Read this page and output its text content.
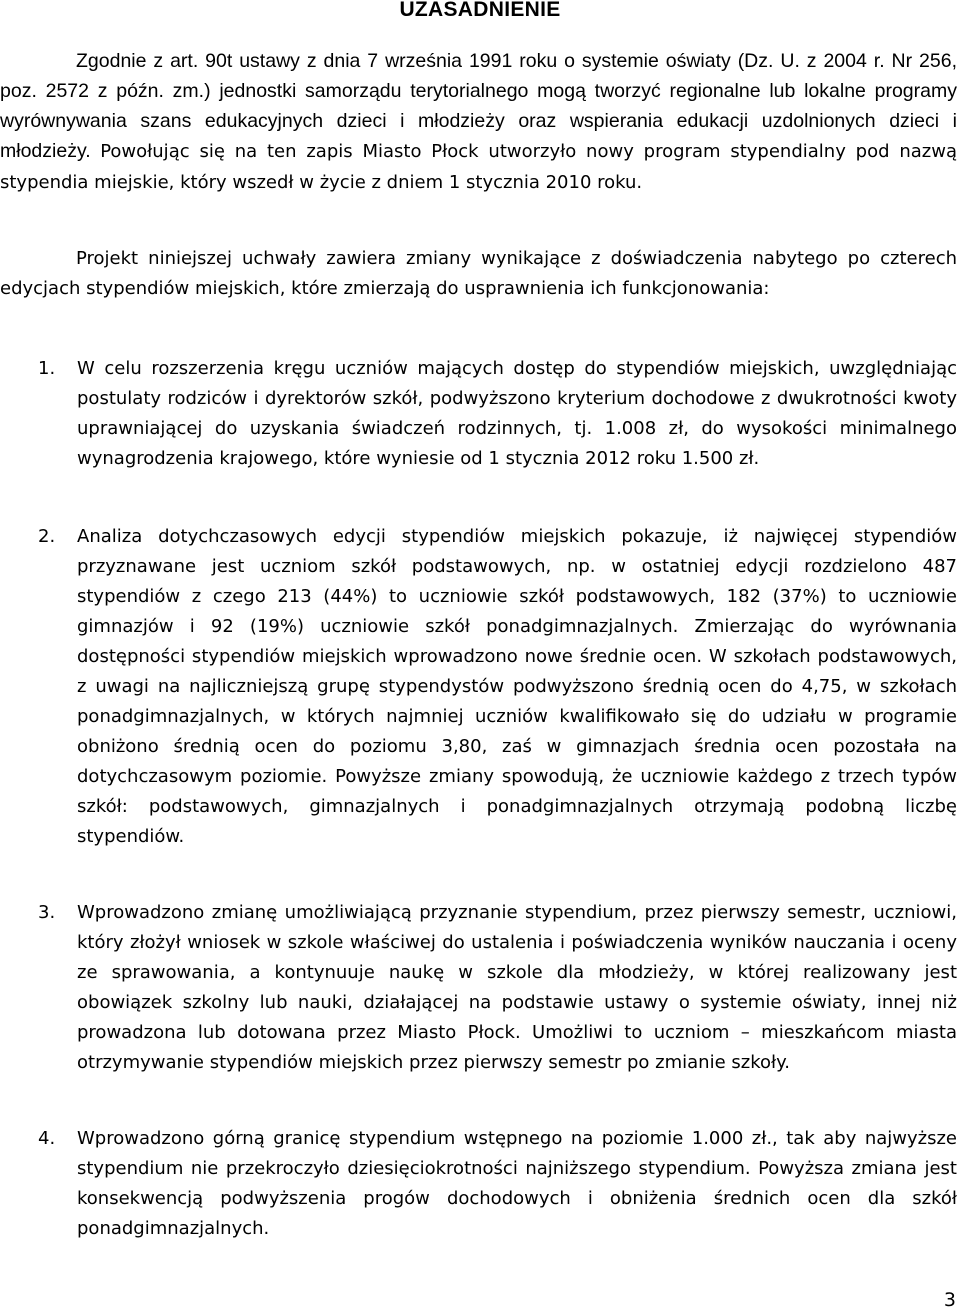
UZASADNIENIE

Zgodnie z art. 90t ustawy z dnia 7 września 1991 roku o systemie oświaty (Dz. U. z 2004 r. Nr 256, poz. 2572 z późn. zm.) jednostki samorządu terytorialnego mogą tworzyć regionalne lub lokalne programy wyrównywania szans edukacyjnych dzieci i młodzieży oraz wspierania edukacji uzdolnionych dzieci i młodzieży. Powołując się na ten zapis Miasto Płock utworzyło nowy program stypendialny pod nazwą stypendia miejskie, który wszedł w życie z dniem 1 stycznia 2010 roku.

Projekt niniejszej uchwały zawiera zmiany wynikające z doświadczenia nabytego po czterech edycjach stypendiów miejskich, które zmierzają do usprawnienia ich funkcjonowania:

1. W celu rozszerzenia kręgu uczniów mających dostęp do stypendiów miejskich, uwzględniając postulaty rodziców i dyrektorów szkół, podwyższono kryterium dochodowe z dwukrotności kwoty uprawniającej do uzyskania świadczeń rodzinnych, tj. 1.008 zł, do wysokości minimalnego wynagrodzenia krajowego, które wyniesie od 1 stycznia 2012 roku 1.500 zł.
2. Analiza dotychczasowych edycji stypendiów miejskich pokazuje, iż najwięcej stypendiów przyznawane jest uczniom szkół podstawowych, np. w ostatniej edycji rozdzielono 487 stypendiów z czego 213 (44%) to uczniowie szkół podstawowych, 182 (37%) to uczniowie gimnazjów i 92 (19%) uczniowie szkół ponadgimnazjalnych. Zmierzając do wyrównania dostępności stypendiów miejskich wprowadzono nowe średnie ocen. W szkołach podstawowych, z uwagi na najliczniejszą grupę stypendystów podwyższono średnią ocen do 4,75, w szkołach ponadgimnazjalnych, w których najmniej uczniów kwalifikowało się do udziału w programie obniżono średnią ocen do poziomu 3,80, zaś w gimnazjach średnia ocen pozostała na dotychczasowym poziomie. Powyższe zmiany spowodują, że uczniowie każdego z trzech typów szkół: podstawowych, gimnazjalnych i ponadgimnazjalnych otrzymają podobną liczbę stypendiów.
3. Wprowadzono zmianę umożliwiającą przyznanie stypendium, przez pierwszy semestr, uczniowi, który złożył wniosek w szkole właściwej do ustalenia i poświadczenia wyników nauczania i oceny ze sprawowania, a kontynuuje naukę w szkole dla młodzieży, w której realizowany jest obowiązek szkolny lub nauki, działającej na podstawie ustawy o systemie oświaty, innej niż prowadzona lub dotowana przez Miasto Płock. Umożliwi to uczniom – mieszkańcom miasta otrzymywanie stypendiów miejskich przez pierwszy semestr po zmianie szkoły.
4. Wprowadzono górną granicę stypendium wstępnego na poziomie 1.000 zł., tak aby najwyższe stypendium nie przekroczyło dziesięciokrotności najniższego stypendium. Powyższa zmiana jest konsekwencją podwyższenia progów dochodowych i obniżenia średnich ocen dla szkół ponadgimnazjalnych.
3
